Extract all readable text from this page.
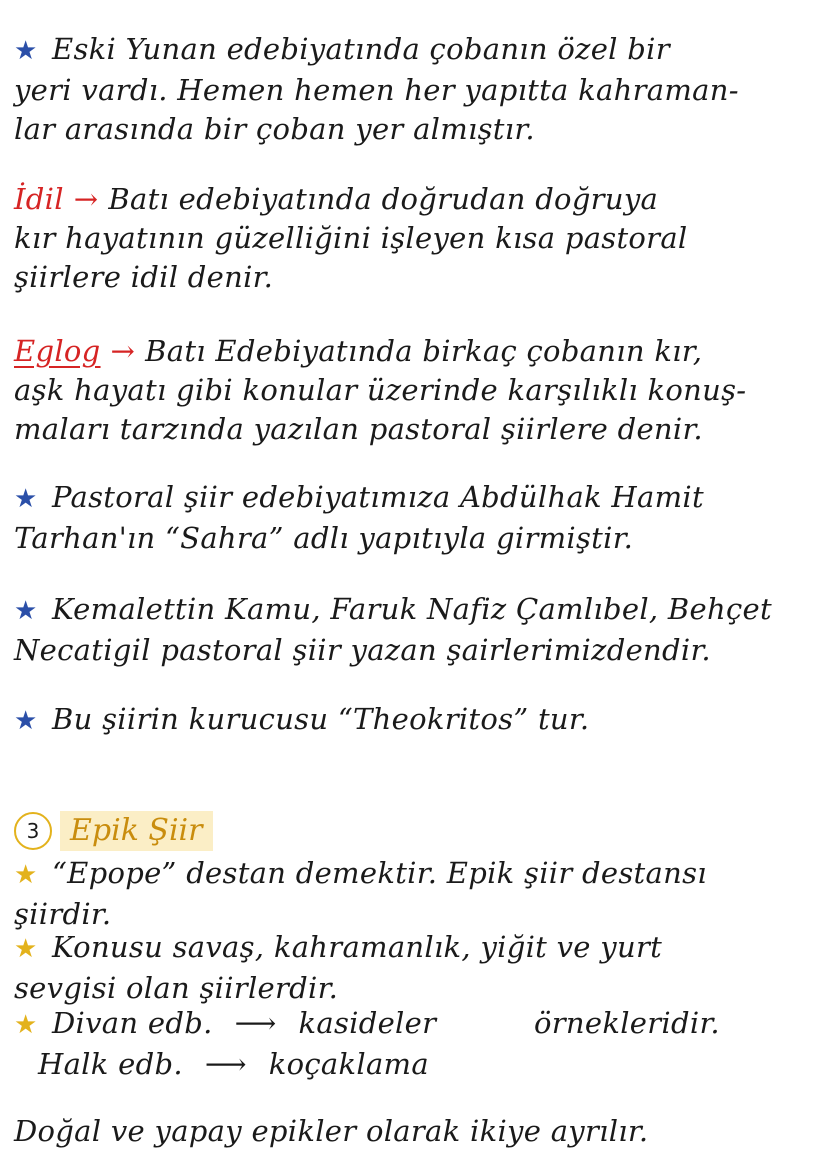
★ Eski Yunan edebiyatında çobanın özel bir
yeri vardı. Hemen hemen her yapıtta kahraman-
lar arasında bir çoban yer almıştır.
İdil → Batı edebiyatında doğrudan doğruya
kır hayatının güzelliğini işleyen kısa pastoral
şiirlere idil denir.
Eglog → Batı Edebiyatında birkaç çobanın kır,
aşk hayatı gibi konular üzerinde karşılıklı konuş-
maları tarzında yazılan pastoral şiirlere denir.
★ Pastoral şiir edebiyatımıza Abdülhak Hamit
Tarhan'ın “Sahra” adlı yapıtıyla girmiştir.
★ Kemalettin Kamu, Faruk Nafiz Çamlıbel, Behçet
Necatigil pastoral şiir yazan şairlerimizdendir.
★ Bu şiirin kurucusu “Theokritos” tur.
3	Epik Şiir
★ “Epope” destan demektir. Epik şiir destansı
şiirdir.
★ Konusu savaş, kahramanlık, yiğit ve yurt
sevgisi olan şiirlerdir.
★ Divan edb. ⟶ kasideler	örnekleridir.
Halk edb. ⟶ koçaklama
Doğal ve yapay epikler olarak ikiye ayrılır.
